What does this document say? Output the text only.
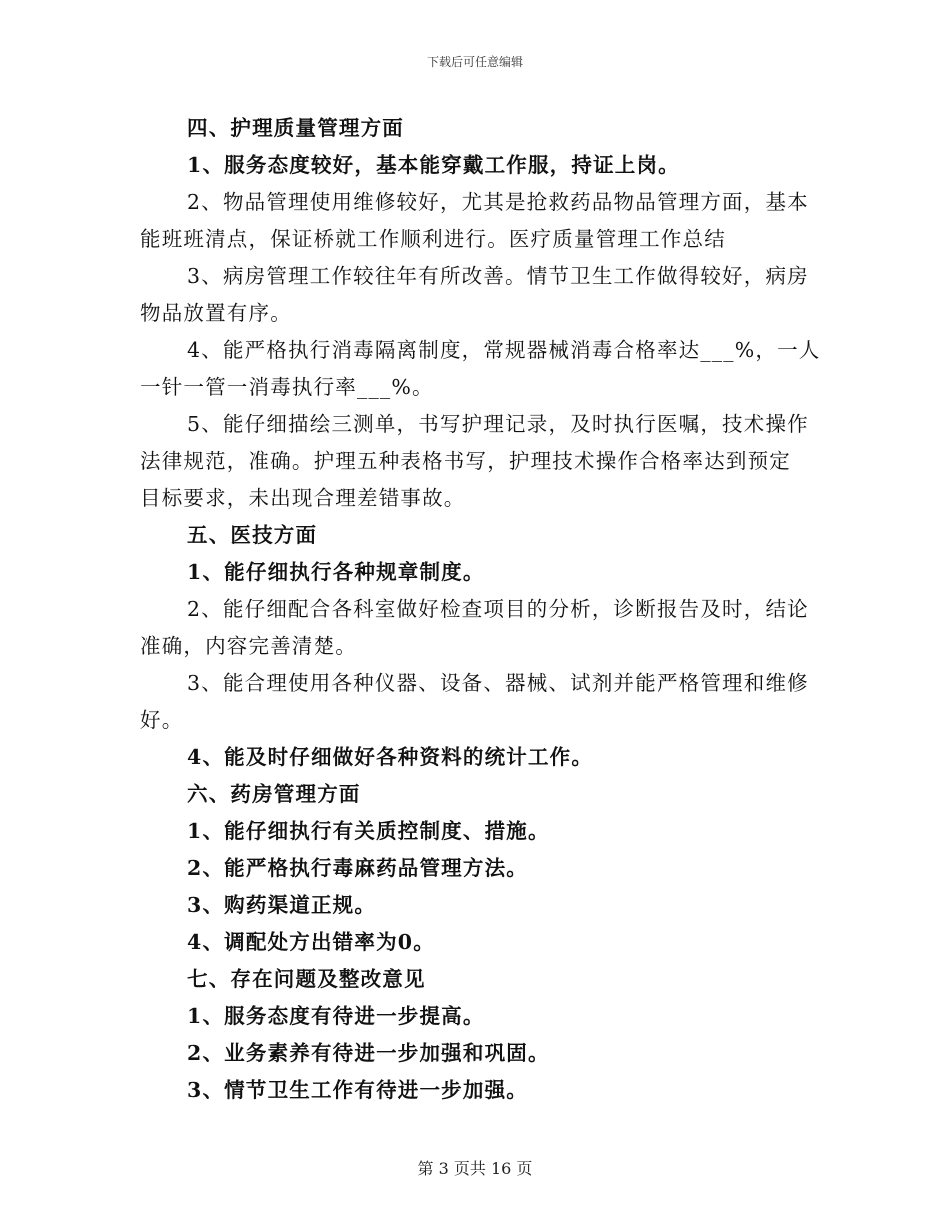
下载后可任意编辑
四、护理质量管理方面
1、服务态度较好，基本能穿戴工作服，持证上岗。
2、物品管理使用维修较好，尤其是抢救药品物品管理方面，基本
能班班清点，保证桥就工作顺利进行。医疗质量管理工作总结
3、病房管理工作较往年有所改善。情节卫生工作做得较好，病房
物品放置有序。
4、能严格执行消毒隔离制度，常规器械消毒合格率达___%，一人
一针一管一消毒执行率___%。
5、能仔细描绘三测单，书写护理记录，及时执行医嘱，技术操作
法律规范，准确。护理五种表格书写，护理技术操作合格率达到预定
目标要求，未出现合理差错事故。
五、医技方面
1、能仔细执行各种规章制度。
2、能仔细配合各科室做好检查项目的分析，诊断报告及时，结论
准确，内容完善清楚。
3、能合理使用各种仪器、设备、器械、试剂并能严格管理和维修
好。
4、能及时仔细做好各种资料的统计工作。
六、药房管理方面
1、能仔细执行有关质控制度、措施。
2、能严格执行毒麻药品管理方法。
3、购药渠道正规。
4、调配处方出错率为0。
七、存在问题及整改意见
1、服务态度有待进一步提高。
2、业务素养有待进一步加强和巩固。
3、情节卫生工作有待进一步加强。
第 3 页共 16 页
